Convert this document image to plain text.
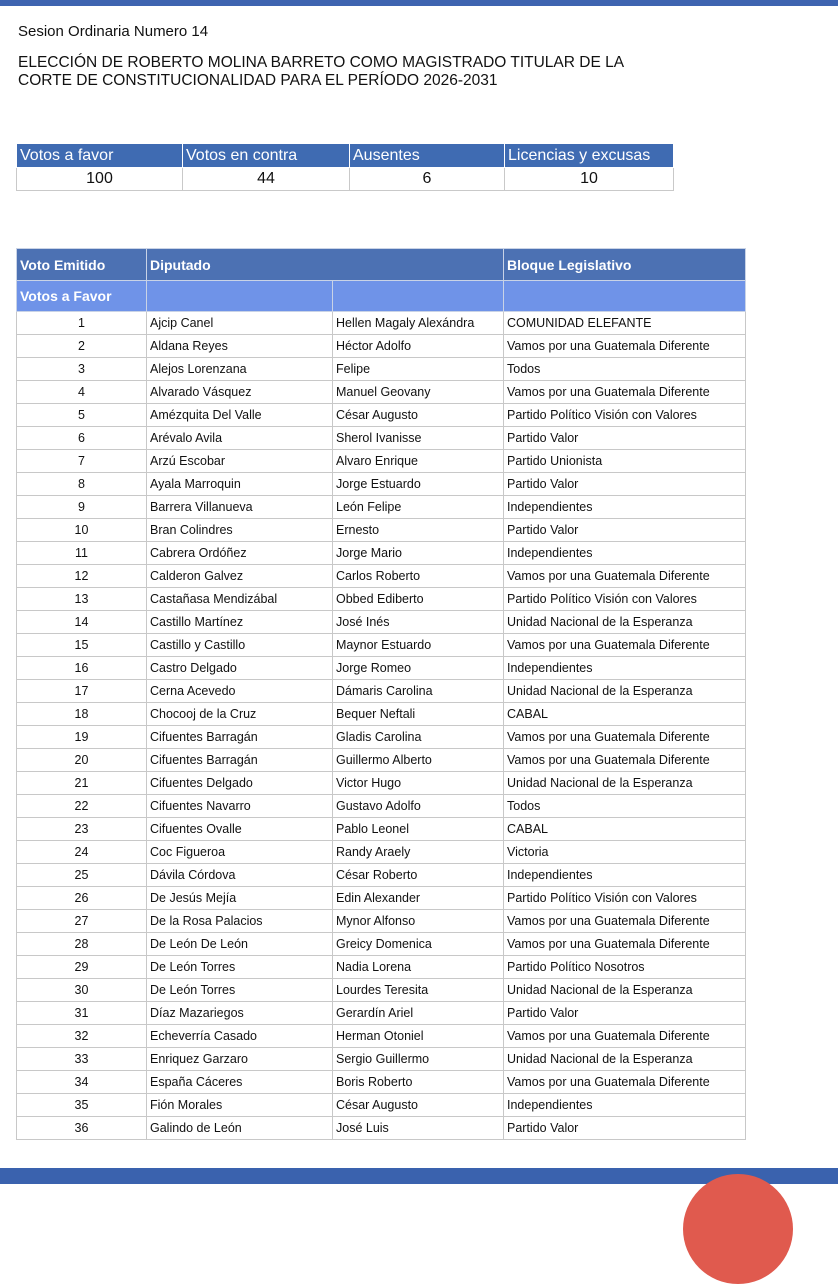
Sesion Ordinaria Numero 14
ELECCIÓN DE ROBERTO MOLINA BARRETO COMO MAGISTRADO TITULAR DE LA
CORTE DE CONSTITUCIONALIDAD PARA EL PERÍODO 2026-2031
Votos a favor	Votos en contra	Ausentes	Licencias y excusas
100	44	6	10
Voto Emitido	Diputado		Bloque Legislativo
Votos a Favor			
1	Ajcip Canel	Hellen Magaly Alexándra	COMUNIDAD ELEFANTE
2	Aldana Reyes	Héctor Adolfo	Vamos por una Guatemala Diferente
3	Alejos Lorenzana	Felipe	Todos
4	Alvarado Vásquez	Manuel Geovany	Vamos por una Guatemala Diferente
5	Amézquita Del Valle	César Augusto	Partido Político Visión con Valores
6	Arévalo Avila	Sherol Ivanisse	Partido Valor
7	Arzú Escobar	Alvaro Enrique	Partido Unionista
8	Ayala Marroquin	Jorge Estuardo	Partido Valor
9	Barrera Villanueva	León Felipe	Independientes
10	Bran Colindres	Ernesto	Partido Valor
11	Cabrera Ordóñez	Jorge Mario	Independientes
12	Calderon Galvez	Carlos Roberto	Vamos por una Guatemala Diferente
13	Castañasa Mendizábal	Obbed Ediberto	Partido Político Visión con Valores
14	Castillo Martínez	José Inés	Unidad Nacional de la Esperanza
15	Castillo y Castillo	Maynor Estuardo	Vamos por una Guatemala Diferente
16	Castro Delgado	Jorge Romeo	Independientes
17	Cerna Acevedo	Dámaris Carolina	Unidad Nacional de la Esperanza
18	Chocooj de la Cruz	Bequer Neftali	CABAL
19	Cifuentes Barragán	Gladis Carolina	Vamos por una Guatemala Diferente
20	Cifuentes Barragán	Guillermo Alberto	Vamos por una Guatemala Diferente
21	Cifuentes Delgado	Victor Hugo	Unidad Nacional de la Esperanza
22	Cifuentes Navarro	Gustavo Adolfo	Todos
23	Cifuentes Ovalle	Pablo Leonel	CABAL
24	Coc Figueroa	Randy Araely	Victoria
25	Dávila Córdova	César Roberto	Independientes
26	De Jesús Mejía	Edin Alexander	Partido Político Visión con Valores
27	De la Rosa Palacios	Mynor Alfonso	Vamos por una Guatemala Diferente
28	De León De León	Greicy Domenica	Vamos por una Guatemala Diferente
29	De León Torres	Nadia Lorena	Partido Político Nosotros
30	De León Torres	Lourdes Teresita	Unidad Nacional de la Esperanza
31	Díaz Mazariegos	Gerardín Ariel	Partido Valor
32	Echeverría Casado	Herman Otoniel	Vamos por una Guatemala Diferente
33	Enriquez Garzaro	Sergio Guillermo	Unidad Nacional de la Esperanza
34	España Cáceres	Boris Roberto	Vamos por una Guatemala Diferente
35	Fión Morales	César Augusto	Independientes
36	Galindo de León	José Luis	Partido Valor
